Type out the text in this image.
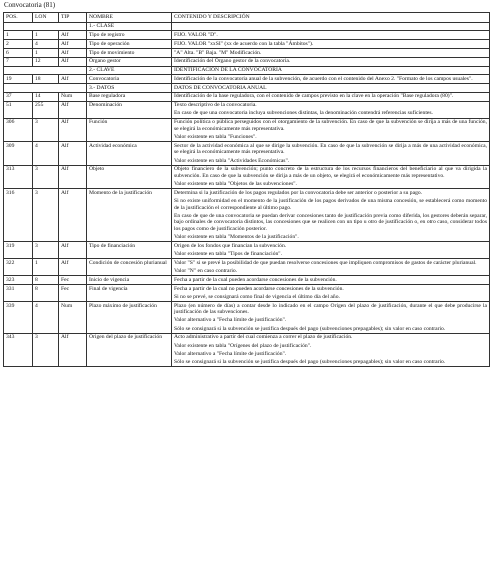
Convocatoria (81)
POS.	LON	TIP	NOMBRE	CONTENIDO Y DESCRIPCIÓN
			1.- CLASE	
1	1	Alf	Tipo de registro	FIJO. VALOR "D".

2	4	Alf	Tipo de operación	FIJO. VALOR "xxSI" (xx de acuerdo con la tabla "Ámbitos").

6	1	Alf	Tipo de movimiento	"A" Alta. "B" Baja. "M" Modificación.

7	12	Alf	Órgano gestor	Identificación del Órgano gestor de la convocatoria.

			2.- CLAVE	IDENTIFICACIÓN DE LA CONVOCATORIA
19	18	Alf	Convocatoria	Identificación de la convocatoria anual de la subvención, de acuerdo con el contenido del Anexo 2. "Formato de los campos usuales".

			3.- DATOS	DATOS DE CONVOCATORIA ANUAL
37	14	Num	Base reguladora	Identificación de la base reguladora, con el contenido de campos previsto en la clave en la operación "Base reguladora (80)".

51	255	Alf	Denominación	Texto descriptivo de la convocatoria.
En caso de que una convocatoria incluya subvenciones distintas, la denominación contendrá referencias suficientes.

306	3	Alf	Función	Función política o pública perseguidos con el otorgamiento de la subvención. En caso de que la subvención se dirija a más de una función, se elegirá la económicamente más representativa.
Valor existente en tabla "Funciones".

309	4	Alf	Actividad económica	Sector de la actividad económica al que se dirige la subvención. En caso de que la subvención se dirija a más de una actividad económica, se elegirá la económicamente más representativa.
Valor existente en tabla "Actividades Económicas".

313	3	Alf	Objeto	Objeto financiero de la subvención; punto concreto de la estructura de los recursos financieros del beneficiario al que va dirigida la subvención. En caso de que la subvención se dirija a más de un objeto, se elegirá el económicamente más representativo.
Valor existente en tabla "Objetos de las subvenciones".

316	3	Alf	Momento de la justificación	Determina si la justificación de los pagos regulados por la convocatoria debe ser anterior o posterior a su pago.
Si no existe uniformidad en el momento de la justificación de los pagos derivados de una misma concesión, se establecerá como momento de la justificación el correspondiente al último pago.
En caso de que de una convocatoria se puedan derivar concesiones tanto de justificación previa como diferida, los gestores deberán separar, bajo ordinales de convocatoria distintos, las concesiones que se realicen con un tipo u otro de justificación o, en otro caso, considerar todos los pagos como de justificación posterior.
Valor existente en tabla "Momentos de la justificación".

319	3	Alf	Tipo de financiación	Origen de los fondos que financian la subvención.
Valor existente en tabla "Tipos de financiación".

322	1	Alf	Condición de concesión plurianual	Valor "S" si se prevé la posibilidad de que puedan resolverse concesiones que impliquen compromisos de gastos de carácter plurianual.
Valor "N" en caso contrario.

323	8	Fec	Inicio de vigencia	Fecha a partir de la cual pueden acordarse concesiones de la subvención.

331	8	Fec	Final de vigencia	Fecha a partir de la cual no pueden acordarse concesiones de la subvención.
Si no se prevé, se consignará como final de vigencia el último día del año.

339	4	Num	Plazo máximo de justificación	Plazo (en número de días) a contar desde lo indicado en el campo Origen del plazo de justificación, durante el que debe producirse la justificación de las subvenciones.
Valor alternativo a "Fecha límite de justificación".
Sólo se consignará si la subvención se justifica después del pago (subvenciones prepagables); sin valor en caso contrario.

343	3	Alf	Origen del plazo de justificación	Acto administrativo a partir del cual comienza a correr el plazo de justificación.
Valor existente en tabla "Orígenes del plazo de justificación".
Valor alternativo a "Fecha límite de justificación".
Sólo se consignará si la subvención se justifica después del pago (subvenciones prepagables); sin valor en caso contrario.
